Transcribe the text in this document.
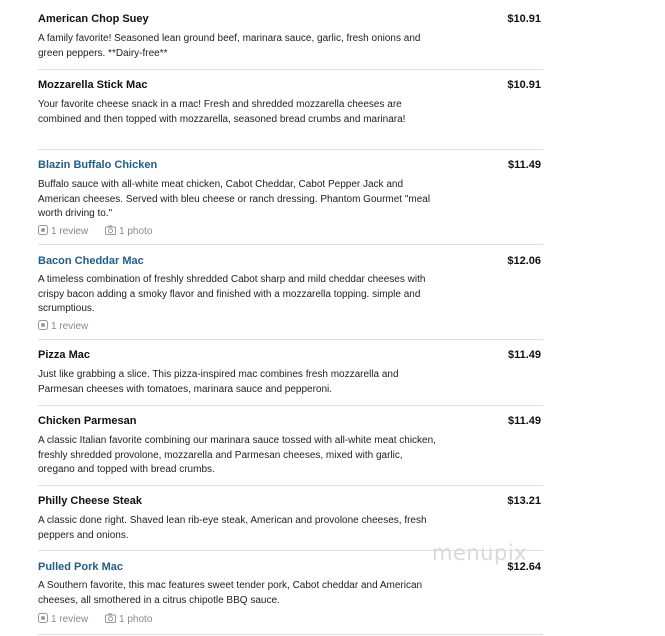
American Chop Suey	$10.91
A family favorite! Seasoned lean ground beef, marinara sauce, garlic, fresh onions and green peppers. **Dairy-free**
Mozzarella Stick Mac	$10.91
Your favorite cheese snack in a mac! Fresh and shredded mozzarella cheeses are combined and then topped with mozzarella, seasoned bread crumbs and marinara!
Blazin Buffalo Chicken	$11.49
Buffalo sauce with all-white meat chicken, Cabot Cheddar, Cabot Pepper Jack and American cheeses. Served with bleu cheese or ranch dressing. Phantom Gourmet "meal worth driving to."
1 review	1 photo
Bacon Cheddar Mac	$12.06
A timeless combination of freshly shredded Cabot sharp and mild cheddar cheeses with crispy bacon adding a smoky flavor and finished with a mozzarella topping. simple and scrumptious.
1 review
Pizza Mac	$11.49
Just like grabbing a slice. This pizza-inspired mac combines fresh mozzarella and Parmesan cheeses with tomatoes, marinara sauce and pepperoni.
Chicken Parmesan	$11.49
A classic Italian favorite combining our marinara sauce tossed with all-white meat chicken, freshly shredded provolone, mozzarella and Parmesan cheeses, mixed with garlic, oregano and topped with bread crumbs.
Philly Cheese Steak	$13.21
A classic done right. Shaved lean rib-eye steak, American and provolone cheeses, fresh peppers and onions.
Pulled Pork Mac	$12.64
A Southern favorite, this mac features sweet tender pork, Cabot cheddar and American cheeses, all smothered in a citrus chipotle BBQ sauce.
1 review	1 photo
menupix
